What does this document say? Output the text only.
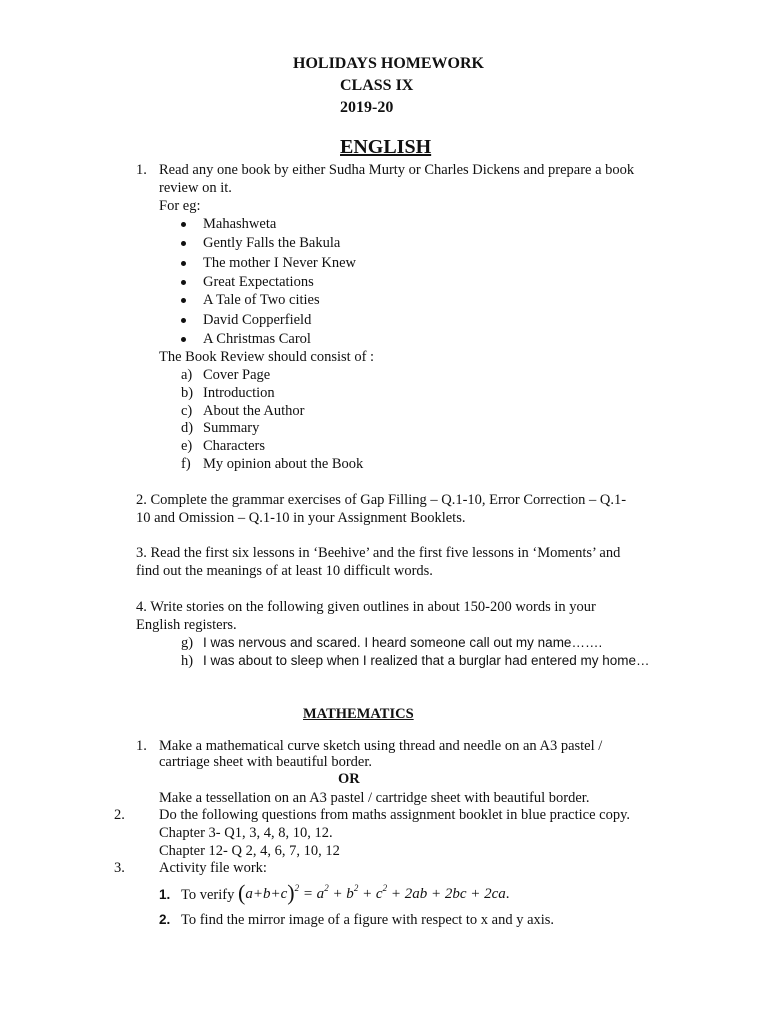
HOLIDAYS HOMEWORK
CLASS IX
2019-20
ENGLISH
1. Read any one book by either Sudha Murty or Charles Dickens and prepare a book
review on it.
For eg:
Mahashweta
Gently Falls the Bakula
The mother I Never Knew
Great Expectations
A Tale of Two cities
David Copperfield
A Christmas Carol
The Book Review should consist of :
a) Cover Page
b) Introduction
c) About the Author
d) Summary
e) Characters
f) My opinion about the Book
2. Complete the grammar exercises of Gap Filling – Q.1-10, Error Correction – Q.1-
10 and Omission – Q.1-10 in your Assignment Booklets.
3. Read the first six lessons in ‘Beehive’ and the first five lessons in ‘Moments’ and
find out the meanings of at least 10 difficult words.
4. Write stories on the following given outlines in about 150-200 words in your
English registers.
g) I was nervous and scared. I heard someone call out my name…….
h) I was about to sleep when I realized that a burglar had entered my home…
MATHEMATICS
1. Make a mathematical curve sketch using thread and needle on an A3 pastel /
cartriage sheet with beautiful border.
OR
Make a tessellation on an A3 pastel / cartridge sheet with beautiful border.
2. Do the following questions from maths assignment booklet in blue practice copy.
Chapter 3- Q1, 3, 4, 8, 10, 12.
Chapter 12- Q 2, 4, 6, 7, 10, 12
3. Activity file work:
1. To verify $(a+b+c)^2 = a^2 + b^2 + c^2 + 2ab + 2bc + 2ca$.
2. To find the mirror image of a figure with respect to x and y axis.
